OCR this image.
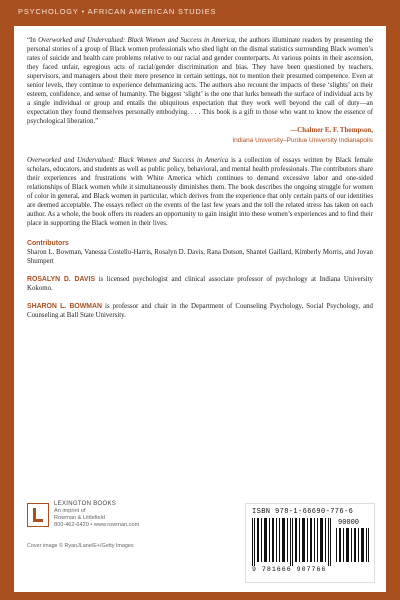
PSYCHOLOGY • AFRICAN AMERICAN STUDIES

“In Overworked and Undervalued: Black Women and Success in America, the authors illuminate readers by presenting the personal stories of a group of Black women professionals who shed light on the dismal statistics surrounding Black women’s rates of suicide and health care problems relative to our racial and gender counterparts. At various points in their ascension, they faced unfair, egregious acts of racial/gender discrimination and bias. They have been questioned by teachers, supervisors, and managers about their mere presence in certain settings, not to mention their presumed competence. Even at senior levels, they continue to experience dehumanizing acts. The authors also recount the impacts of these ‘slights’ on their esteem, confidence, and sense of humanity. The biggest ‘slight’ is the one that lurks beneath the surface of individual acts by a single individual or group and entails the ubiquitous expectation that they work well beyond the call of duty—an expectation they found themselves personally embodying. . . . This book is a gift to those who want to know the essence of psychological liberation.”

—Chalmer E. F. Thompson,
Indiana University–Purdue University Indianapolis

Overworked and Undervalued: Black Women and Success in America is a collection of essays written by Black female scholars, educators, and students as well as public policy, behavioral, and mental health professionals. The contributors share their experiences and frustrations with White America which continues to demand excessive labor and one-sided relationships of Black women while it simultaneously diminishes them. The book describes the ongoing struggle for women of color in general, and Black women in particular, which derives from the experience that only certain parts of our identities are deemed acceptable. The essays reflect on the events of the last few years and the toll the related stress has taken on each author. As a whole, the book offers its readers an opportunity to gain insight into these women’s experiences and to find their place in supporting the Black women in their lives.

Contributors

Sharon L. Bowman, Vanessa Costello-Harris, Rosalyn D. Davis, Rana Dotson, Shantel Gaillard, Kimberly Morris, and Jovan Shumpert

ROSALYN D. DAVIS is licensed psychologist and clinical associate professor of psychology at Indiana University Kokomo.

SHARON L. BOWMAN is professor and chair in the Department of Counseling Psychology, Social Psychology, and Counseling at Ball State University.

LEXINGTON BOOKS
An imprint of
Rowman & Littlefield
800-462-6420 • www.rowman.com
Cover image © RyanJLane/E+/Getty Images
ISBN 978-1-66690-776-6
90000
9 781666 907766
